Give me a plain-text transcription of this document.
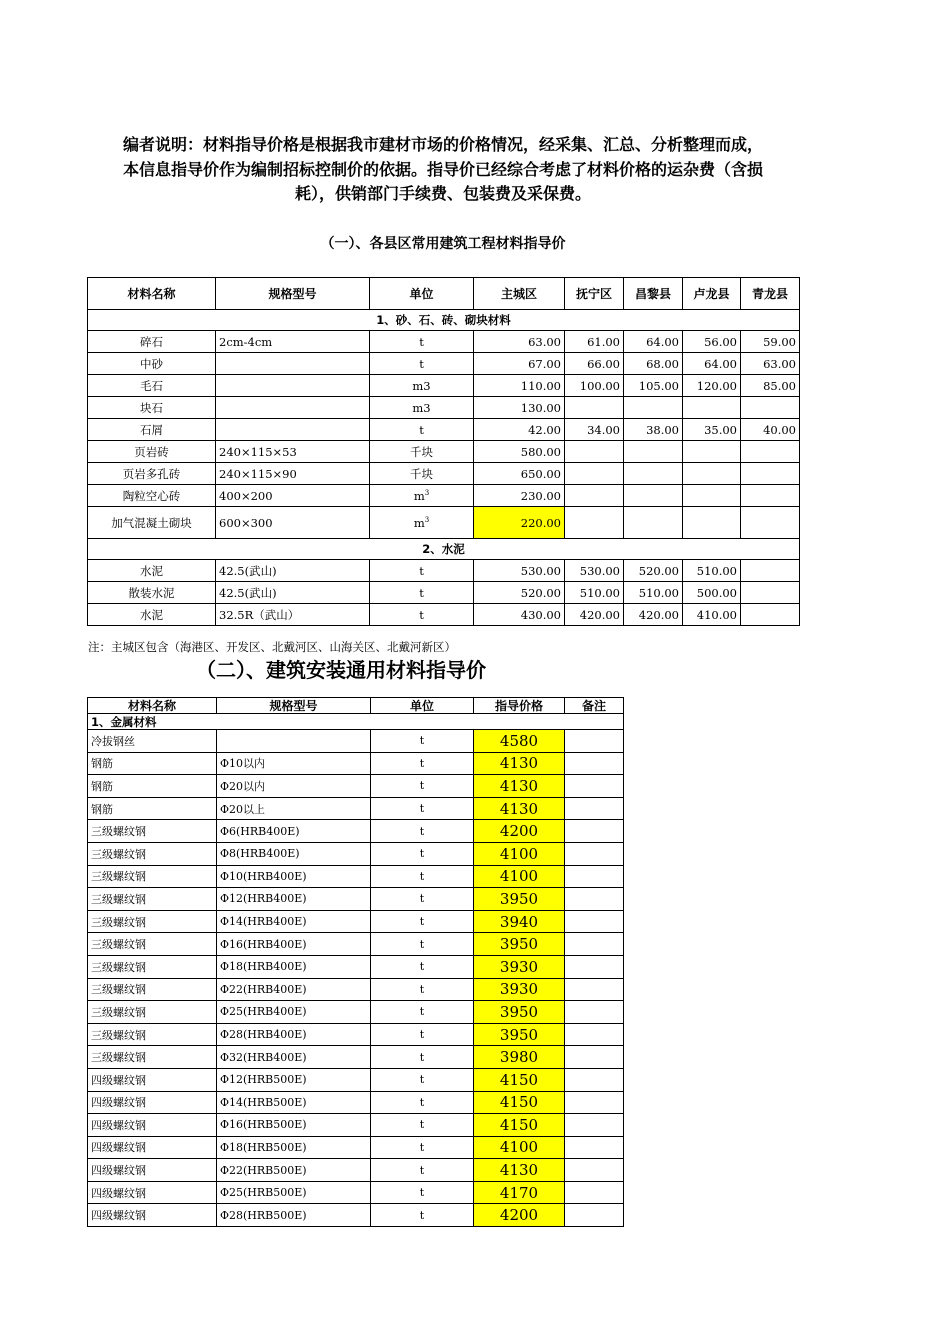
编者说明：材料指导价格是根据我市建材市场的价格情况，经采集、汇总、分析整理而成，

本信息指导价作为编制招标控制价的依据。指导价已经综合考虑了材料价格的运杂费（含损

耗），供销部门手续费、包装费及采保费。

（一）、各县区常用建筑工程材料指导价
材料名称	规格型号	单位	主城区	抚宁区	昌黎县	卢龙县	青龙县
1、砂、石、砖、砌块材料							
碎石	2cm-4cm	t	63.00	61.00	64.00	56.00	59.00
中砂		t	67.00	66.00	68.00	64.00	63.00
毛石		m3	110.00	100.00	105.00	120.00	85.00
块石		m3	130.00				
石屑		t	42.00	34.00	38.00	35.00	40.00
页岩砖	240×115×53	千块	580.00				
页岩多孔砖	240×115×90	千块	650.00				
陶粒空心砖	400×200	$m^3$	230.00				
加气混凝土砌块	600×300	$m^3$	220.00				
2、水泥							
水泥	42.5(武山)	t	530.00	530.00	520.00	510.00	
散装水泥	42.5(武山)	t	520.00	510.00	510.00	500.00	
水泥	32.5R（武山）	t	430.00	420.00	420.00	410.00	
注：主城区包含（海港区、开发区、北戴河区、山海关区、北戴河新区）
（二）、建筑安装通用材料指导价
材料名称	规格型号	单位	指导价格	备注
1、金属材料				
冷拔钢丝		t	4580	
钢筋	Φ10以内	t	4130	
钢筋	Φ20以内	t	4130	
钢筋	Φ20以上	t	4130	
三级螺纹钢	Φ6(HRB400E)	t	4200	
三级螺纹钢	Φ8(HRB400E)	t	4100	
三级螺纹钢	Φ10(HRB400E)	t	4100	
三级螺纹钢	Φ12(HRB400E)	t	3950	
三级螺纹钢	Φ14(HRB400E)	t	3940	
三级螺纹钢	Φ16(HRB400E)	t	3950	
三级螺纹钢	Φ18(HRB400E)	t	3930	
三级螺纹钢	Φ22(HRB400E)	t	3930	
三级螺纹钢	Φ25(HRB400E)	t	3950	
三级螺纹钢	Φ28(HRB400E)	t	3950	
三级螺纹钢	Φ32(HRB400E)	t	3980	
四级螺纹钢	Φ12(HRB500E)	t	4150	
四级螺纹钢	Φ14(HRB500E)	t	4150	
四级螺纹钢	Φ16(HRB500E)	t	4150	
四级螺纹钢	Φ18(HRB500E)	t	4100	
四级螺纹钢	Φ22(HRB500E)	t	4130	
四级螺纹钢	Φ25(HRB500E)	t	4170	
四级螺纹钢	Φ28(HRB500E)	t	4200	
